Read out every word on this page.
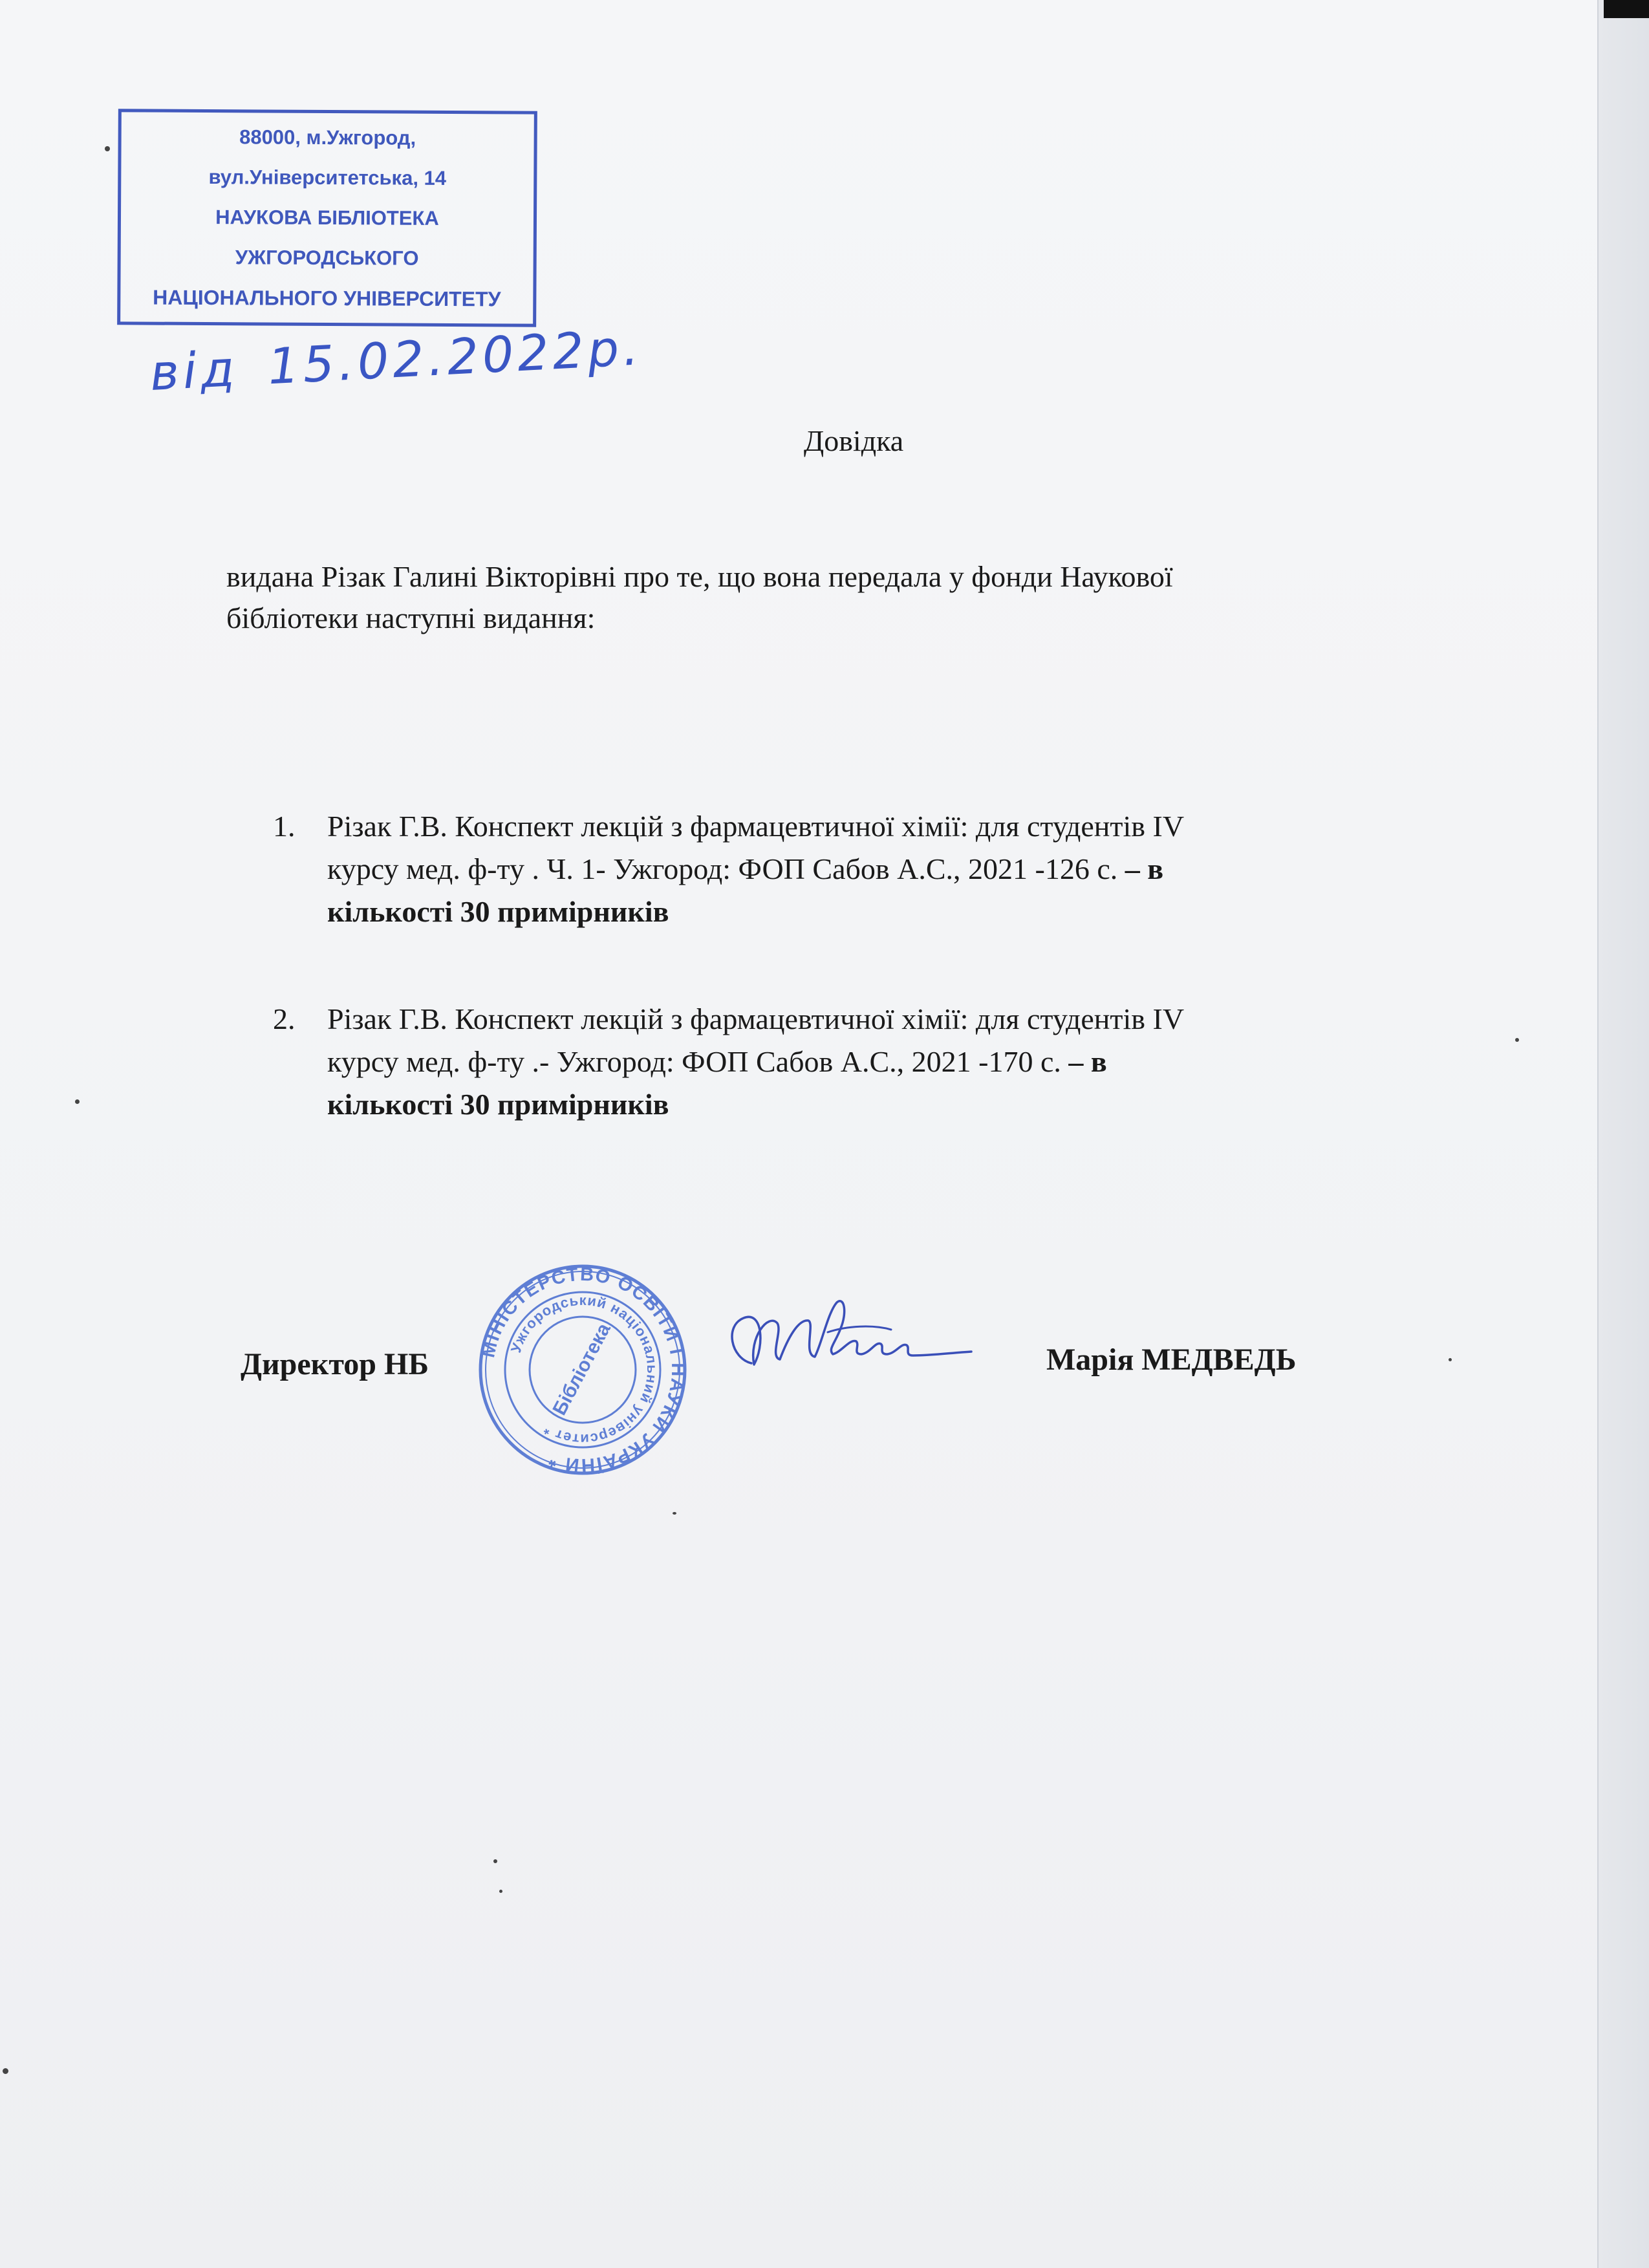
88000, м.Ужгород,
вул.Університетська, 14
НАУКОВА БІБЛІОТЕКА
УЖГОРОДСЬКОГО
НАЦІОНАЛЬНОГО УНІВЕРСИТЕТУ
від 15.02.2022р.
Довідка

видана Різак Галині Вікторівні про те, що вона передала у фонди Наукової

бібліотеки наступні видання:

1. Різак Г.В. Конспект лекцій з фармацевтичної хімії: для студентів IV
курсу мед. ф-ту . Ч. 1- Ужгород: ФОП Сабов А.С., 2021 -126 с. – в
кількості 30 примірників
2. Різак Г.В. Конспект лекцій з фармацевтичної хімії: для студентів IV
курсу мед. ф-ту .- Ужгород: ФОП Сабов А.С., 2021 -170 с. – в
кількості 30 примірників
Директор НБ	МІНІСТЕРСТВО ОСВІТИ І НАУКИ УКРАЇНИ *
Ужгородський національний університет *
Бібліотека	Марія МЕДВЕДЬ
